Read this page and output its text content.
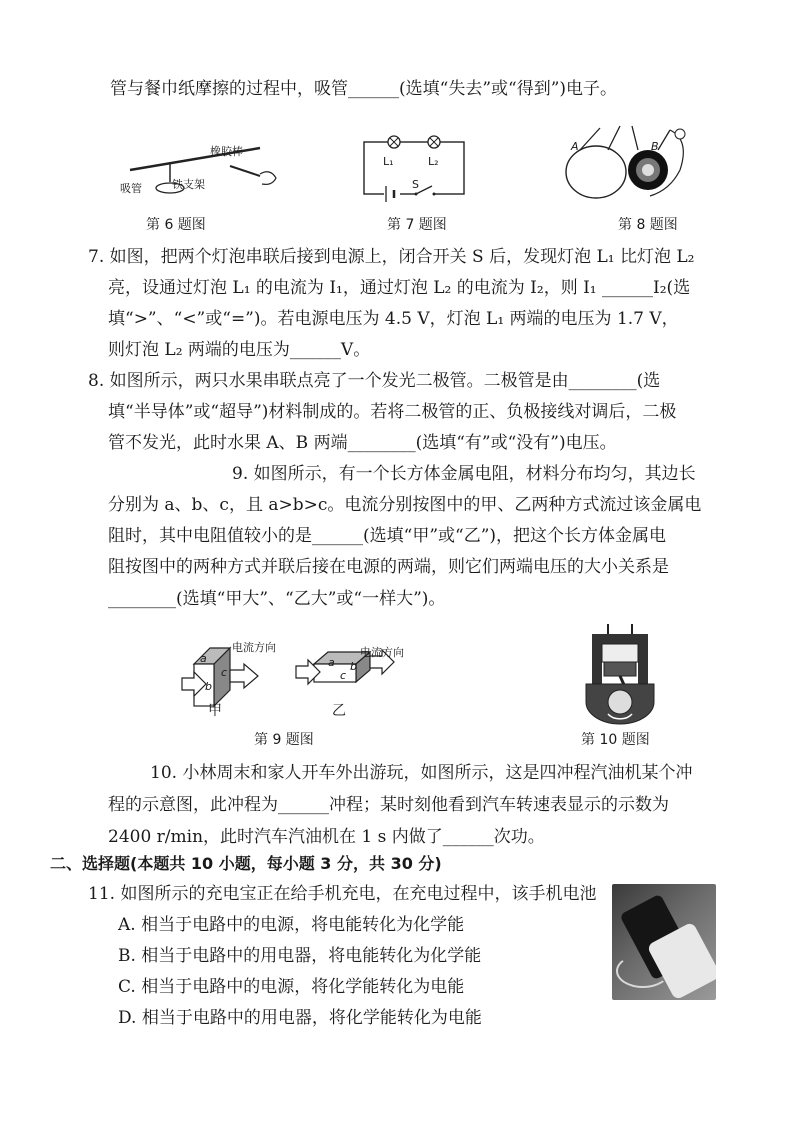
管与餐巾纸摩擦的过程中，吸管______(选填“失去”或“得到”)电子。
橡胶棒
吸管	铁支架
第 6 题图
L₁	L₂
S
第 7 题图
A	B
第 8 题图
7. 如图，把两个灯泡串联后接到电源上，闭合开关 S 后，发现灯泡 L₁ 比灯泡 L₂
亮，设通过灯泡 L₁ 的电流为 I₁，通过灯泡 L₂ 的电流为 I₂，则 I₁ ______I₂(选
填“>”、“<”或“=”)。若电源电压为 4.5 V，灯泡 L₁ 两端的电压为 1.7 V，
则灯泡 L₂ 两端的电压为______V。
8. 如图所示，两只水果串联点亮了一个发光二极管。二极管是由________(选
填“半导体”或“超导”)材料制成的。若将二极管的正、负极接线对调后，二极
管不发光，此时水果 A、B 两端________(选填“有”或“没有”)电压。
9. 如图所示，有一个长方体金属电阻，材料分布均匀，其边长
分别为 a、b、c，且 a>b>c。电流分别按图中的甲、乙两种方式流过该金属电
阻时，其中电阻值较小的是______(选填“甲”或“乙”)，把这个长方体金属电
阻按图中的两种方式并联后接在电源的两端，则它们两端电压的大小关系是
________(选填“甲大”、“乙大”或“一样大”)。
电流方向	电流方向
a
b
c
a
c
b
甲	乙
第 9 题图	第 10 题图
10. 小林周末和家人开车外出游玩，如图所示，这是四冲程汽油机某个冲
程的示意图，此冲程为______冲程；某时刻他看到汽车转速表显示的示数为
2400 r/min，此时汽车汽油机在 1 s 内做了______次功。
二、选择题(本题共 10 小题，每小题 3 分，共 30 分)
11. 如图所示的充电宝正在给手机充电，在充电过程中，该手机电池
A. 相当于电路中的电源，将电能转化为化学能
B. 相当于电路中的用电器，将电能转化为化学能
C. 相当于电路中的电源，将化学能转化为电能
D. 相当于电路中的用电器，将化学能转化为电能
